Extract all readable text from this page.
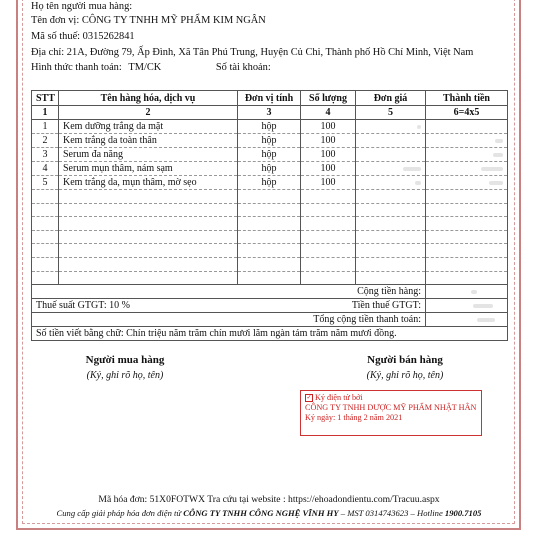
Họ tên người mua hàng:
Tên đơn vị: CÔNG TY TNHH MỸ PHẨM KIM NGÂN
Mã số thuế: 0315262841
Địa chỉ: 21A, Đường 79, Ấp Đình, Xã Tân Phú Trung, Huyện Củ Chi, Thành phố Hồ Chí Minh, Việt Nam
Hình thức thanh toán: TM/CK	Số tài khoản:
STT	Tên hàng hóa, dịch vụ	Đơn vị tính	Số lượng	Đơn giá	Thành tiền
1	2	3	4	5	6=4x5
1	Kem dưỡng trắng da mặt	hộp	100		
2	Kem trắng da toàn thân	hộp	100		
3	Serum đa năng	hộp	100		
4	Serum mụn thâm, nám sạm	hộp	100		
5	Kem trắng da, mụn thâm, mờ sẹo	hộp	100		

Cộng tiền hàng:					
Thuế suất GTGT: 10 %			Tiền thuế GTGT:		
Tổng cộng tiền thanh toán:					
Số tiền viết bằng chữ: Chín triệu năm trăm chín mươi lăm ngàn tám trăm năm mươi đồng.					
Người mua hàng
(Ký, ghi rõ họ, tên)
Người bán hàng
(Ký, ghi rõ họ, tên)
✓ Ký điện tử bởi
CÔNG TY TNHH DƯỢC MỸ PHẨM NHẬT HÂN
Ký ngày: 1 tháng 2 năm 2021
Mã hóa đơn: 51X0FOTWX Tra cứu tại website : https://ehoadondientu.com/Tracuu.aspx
Cung cấp giải pháp hóa đơn điện tử CÔNG TY TNHH CÔNG NGHỆ VĨNH HY – MST 0314743623 – Hotline 1900.7105
